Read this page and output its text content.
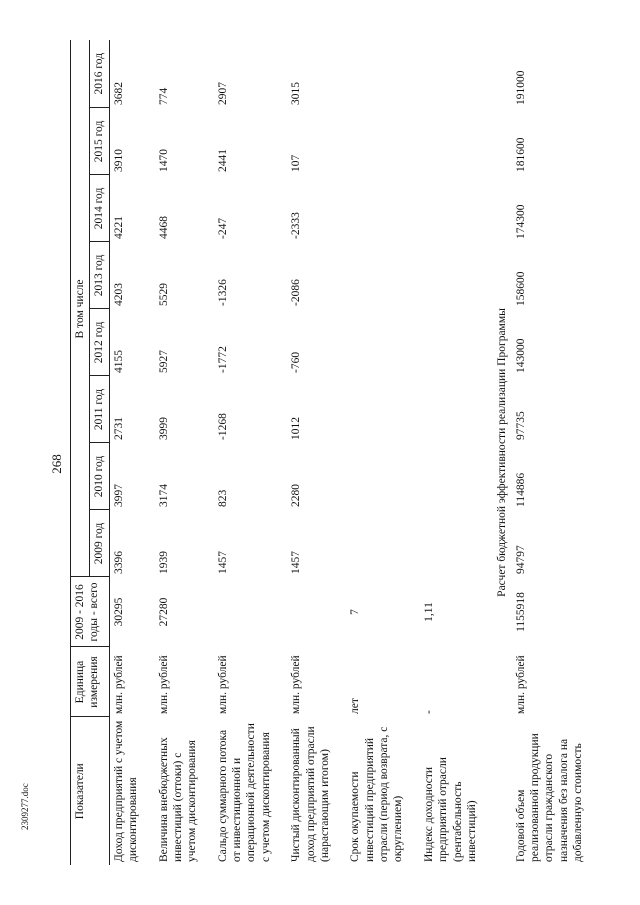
268
2309277.doc	Показатели	Единица измерения	2009 - 2016 годы - всего				В том числе				
			2009 год	2010 год	2011 год	2012 год	2013 год	2014 год	2015 год	2016 год
Доход предприятий с учетом дисконтирования	млн. рублей	30295	3396	3997	2731	4155	4203	4221	3910	3682
Величина внебюджетных инвестиций (оттоки) с учетом дисконтирования	млн. рублей	27280	1939	3174	3999	5927	5529	4468	1470	774
Сальдо суммарного потока от инвестиционной и операционной деятельности с учетом дисконтирования	млн. рублей		1457	823	-1268	-1772	-1326	-247	2441	2907
Чистый дисконтированный доход предприятий отрасли (нарастающим итогом)	млн. рублей		1457	2280	1012	-760	-2086	-2333	107	3015
Срок окупаемости инвестиций предприятий отрасли (период возврата, с округлением)	лет	7								
Индекс доходности предприятий отрасли (рентабельность инвестиций)	-	1,11								
Расчет бюджетной эффективности реализации Программы										
Годовой объем реализованной продукции отрасли гражданского назначения без налога на добавленную стоимость	млн. рублей	1155918	94797	114886	97735	143000	158600	174300	181600	191000
